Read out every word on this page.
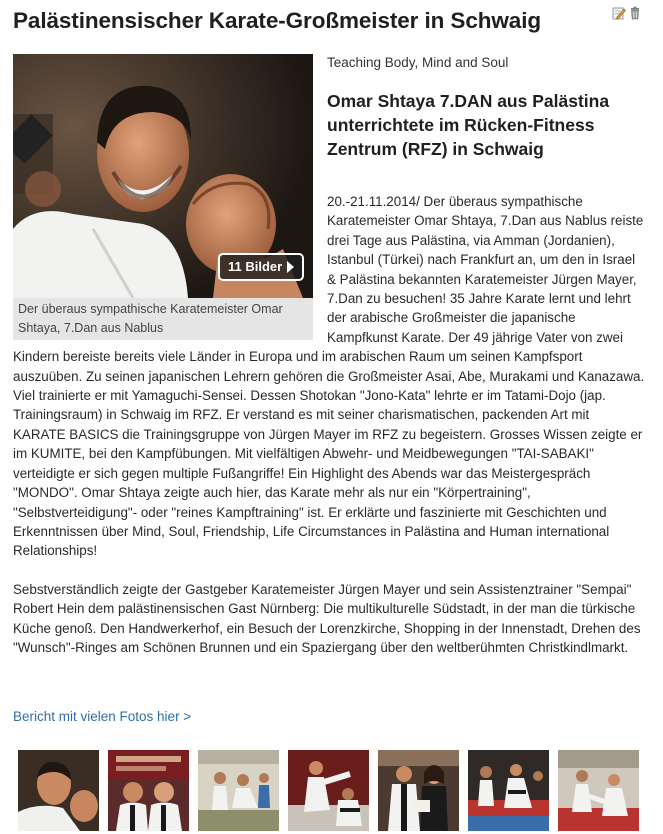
Palästinensischer Karate-Großmeister in Schwaig
11 Bilder

Der überaus sympathische Karatemeister Omar Shtaya, 7.Dan aus Nablus

Teaching Body, Mind and Soul

Omar Shtaya 7.DAN aus Palästina unterrichtete im Rücken-Fitness Zentrum (RFZ) in Schwaig

20.-21.11.2014/ Der überaus sympathische Karatemeister Omar Shtaya, 7.Dan aus Nablus reiste drei Tage aus Palästina, via Amman (Jordanien), Istanbul (Türkei) nach Frankfurt an, um den in Israel & Palästina bekannten Karatemeister Jürgen Mayer, 7.Dan zu besuchen! 35 Jahre Karate lernt und lehrt der arabische Großmeister die japanische Kampfkunst Karate. Der 49 jährige Vater von zwei Kindern bereiste bereits viele Länder in Europa und im arabischen Raum um seinen Kampfsport auszuüben. Zu seinen japanischen Lehrern gehören die Großmeister Asai, Abe, Murakami und Kanazawa. Viel trainierte er mit Yamaguchi-Sensei. Dessen Shotokan "Jono-Kata" lehrte er im Tatami-Dojo (jap. Trainingsraum) in Schwaig im RFZ. Er verstand es mit seiner charismatischen, packenden Art mit KARATE BASICS die Trainingsgruppe von Jürgen Mayer im RFZ zu begeistern. Grosses Wissen zeigte er im KUMITE, bei den Kampfübungen. Mit vielfältigen Abwehr- und Meidbewegungen "TAI-SABAKI" verteidigte er sich gegen multiple Fußangriffe! Ein Highlight des Abends war das Meistergespräch "MONDO". Omar Shtaya zeigte auch hier, das Karate mehr als nur ein "Körpertraining", "Selbstverteidigung"- oder "reines Kampftraining" ist. Er erklärte und faszinierte mit Geschichten und Erkenntnissen über Mind, Soul, Friendship, Life Circumstances in Palästina and Human international Relationships!

Sebstverständlich zeigte der Gastgeber Karatemeister Jürgen Mayer und sein Assistenztrainer "Sempai" Robert Hein dem palästinensischen Gast Nürnberg: Die multikulturelle Südstadt, in der man die türkische Küche genoß. Den Handwerkerhof, ein Besuch der Lorenzkirche, Shopping in der Innenstadt, Drehen des "Wunsch"-Ringes am Schönen Brunnen und ein Spaziergang über den weltberühmten Christkindlmarkt.

Bericht mit vielen Fotos hier >
